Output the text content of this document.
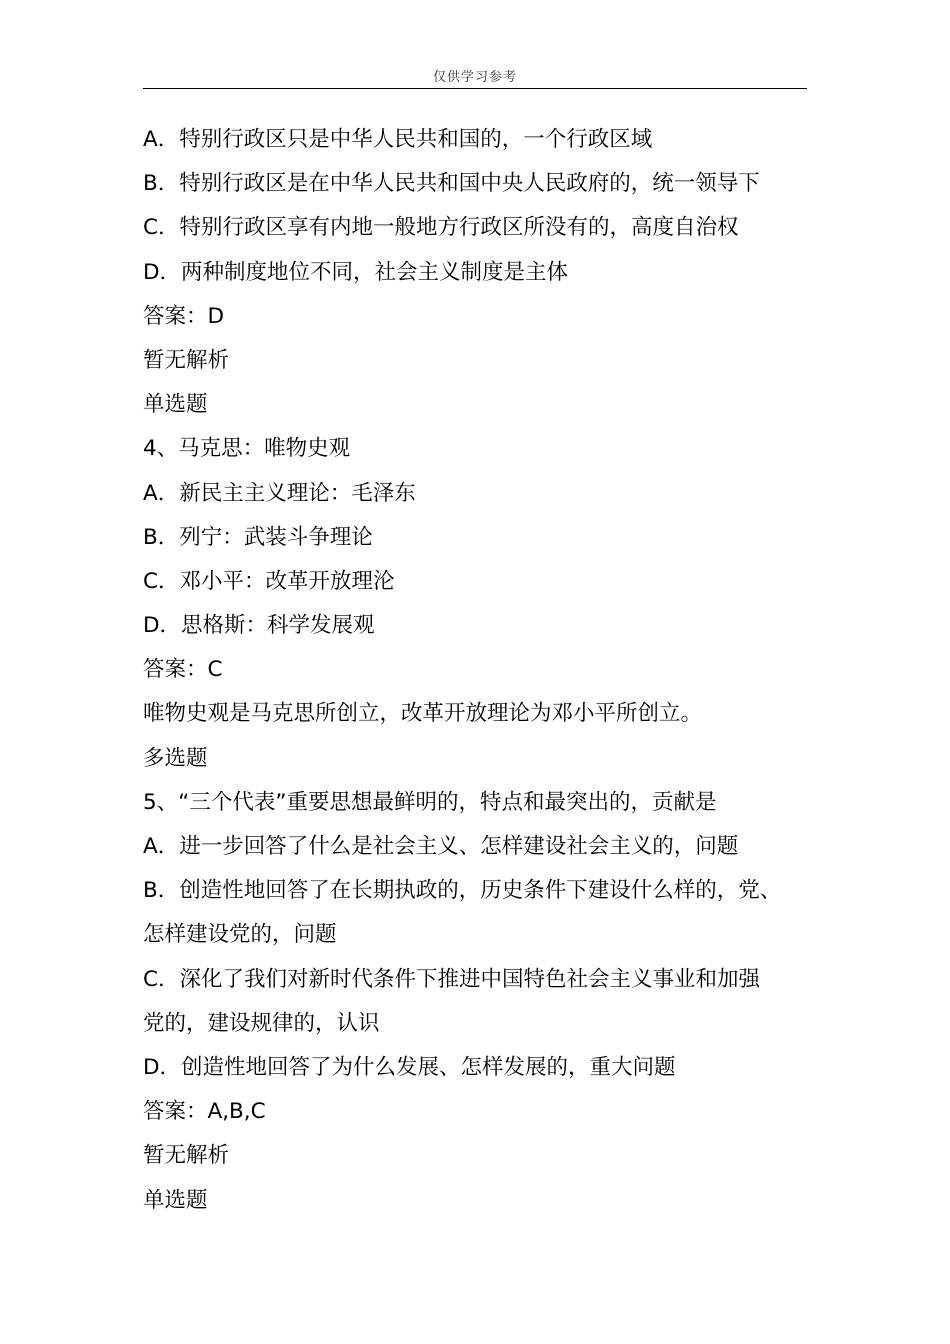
仅供学习参考
A．特别行政区只是中华人民共和国的，一个行政区域
B．特别行政区是在中华人民共和国中央人民政府的，统一领导下
C．特别行政区享有内地一般地方行政区所没有的，高度自治权
D．两种制度地位不同，社会主义制度是主体
答案：D
暂无解析
单选题
4、马克思：唯物史观
A．新民主主义理论：毛泽东
B．列宁：武装斗争理论
C．邓小平：改革开放理沦
D．思格斯：科学发展观
答案：C
唯物史观是马克思所创立，改革开放理论为邓小平所创立。
多选题
5、“三个代表”重要思想最鲜明的，特点和最突出的，贡献是
A．进一步回答了什么是社会主义、怎样建设社会主义的，问题
B．创造性地回答了在长期执政的，历史条件下建设什么样的，党、
怎样建设党的，问题
C．深化了我们对新时代条件下推进中国特色社会主义事业和加强
党的，建设规律的，认识
D．创造性地回答了为什么发展、怎样发展的，重大问题
答案：A,B,C
暂无解析
单选题
